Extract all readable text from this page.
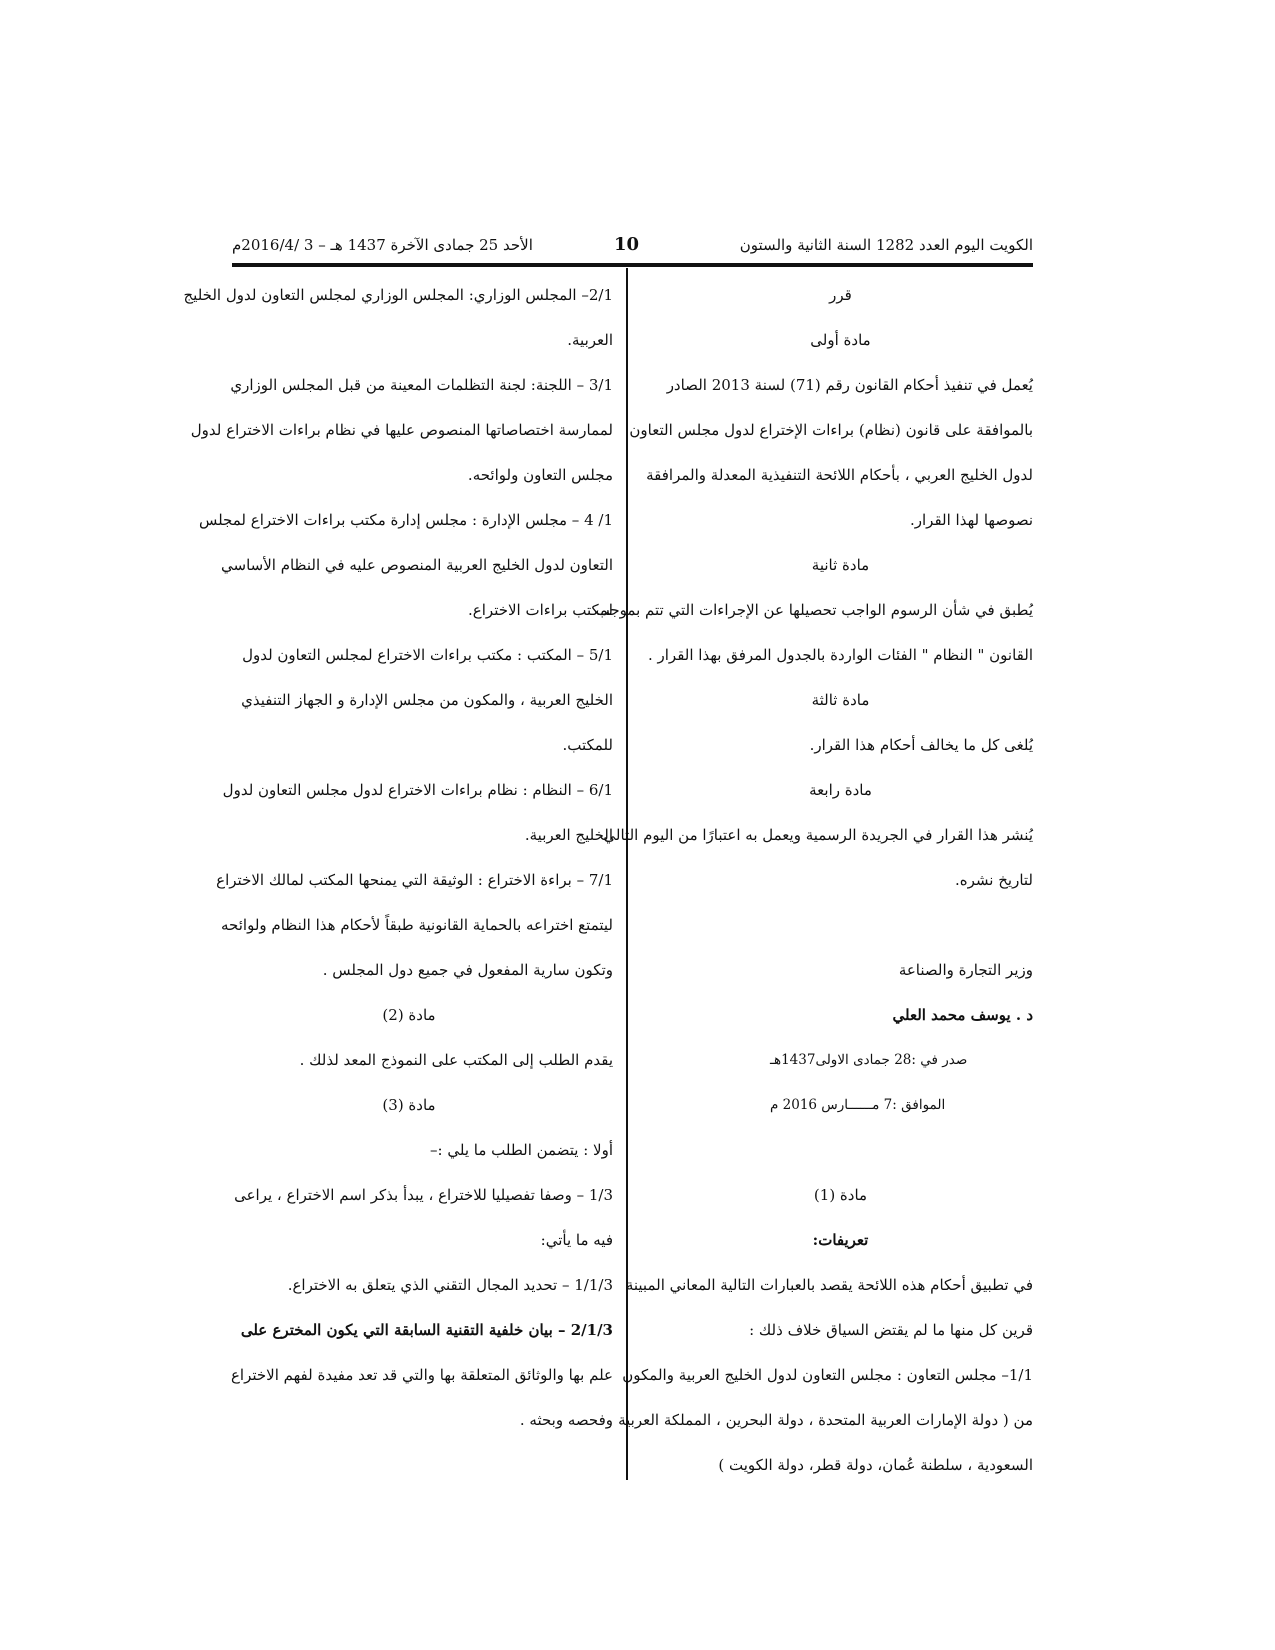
الكويت اليوم العدد 1282 السنة الثانية والستون
10
الأحد 25 جمادى الآخرة 1437 هـ – 3 /2016/4م
قرر
مادة أولى
يُعمل في تنفيذ أحكام القانون رقم (71) لسنة 2013 الصادر
بالموافقة على قانون (نظام) براءات الإختراع لدول مجلس التعاون
لدول الخليج العربي ، بأحكام اللائحة التنفيذية المعدلة والمرافقة
نصوصها لهذا القرار.
مادة ثانية
يُطبق في شأن الرسوم الواجب تحصيلها عن الإجراءات التي تتم بموجب
القانون " النظام " الفئات الواردة بالجدول المرفق بهذا القرار .
مادة ثالثة
يُلغى كل ما يخالف أحكام هذا القرار.
مادة رابعة
يُنشر هذا القرار في الجريدة الرسمية ويعمل به اعتبارًا من اليوم التالي
لتاريخ نشره.
وزير التجارة والصناعة
د . يوسف محمد العلي
صدر في :28 جمادى الاولى1437هـ
الموافق :7 مــــــارس 2016 م
مادة (1)
تعريفات:
في تطبيق أحكام هذه اللائحة يقصد بالعبارات التالية المعاني المبينة
قرين كل منها ما لم يقتض السياق خلاف ذلك :
1/1– مجلس التعاون : مجلس التعاون لدول الخليج العربية والمكون
من ( دولة الإمارات العربية المتحدة ، دولة البحرين ، المملكة العربية
السعودية ، سلطنة عُمان، دولة قطر، دولة الكويت )
2/1– المجلس الوزاري: المجلس الوزاري لمجلس التعاون لدول الخليج
العربية.
3/1 – اللجنة: لجنة التظلمات المعينة من قبل المجلس الوزاري
لممارسة اختصاصاتها المنصوص عليها في نظام براءات الاختراع لدول
مجلس التعاون ولوائحه.
1/ 4 – مجلس الإدارة : مجلس إدارة مكتب براءات الاختراع لمجلس
التعاون لدول الخليج العربية المنصوص عليه في النظام الأساسي
لمكتب براءات الاختراع.
5/1 – المكتب : مكتب براءات الاختراع لمجلس التعاون لدول
الخليج العربية ، والمكون من مجلس الإدارة و الجهاز التنفيذي
للمكتب.
6/1 – النظام : نظام براءات الاختراع لدول مجلس التعاون لدول
الخليج العربية.
7/1 – براءة الاختراع : الوثيقة التي يمنحها المكتب لمالك الاختراع
ليتمتع اختراعه بالحماية القانونية طبقاً لأحكام هذا النظام ولوائحه
وتكون سارية المفعول في جميع دول المجلس .
مادة (2)
يقدم الطلب إلى المكتب على النموذج المعد لذلك .
مادة (3)
أولا : يتضمن الطلب ما يلي :–
1/3 – وصفا تفصيليا للاختراع ، يبدأ بذكر اسم الاختراع ، يراعى
فيه ما يأتي:
1/1/3 – تحديد المجال التقني الذي يتعلق به الاختراع.
2/1/3 – بيان خلفية التقنية السابقة التي يكون المخترع على
علم بها والوثائق المتعلقة بها والتي قد تعد مفيدة لفهم الاختراع
وفحصه وبحثه .
